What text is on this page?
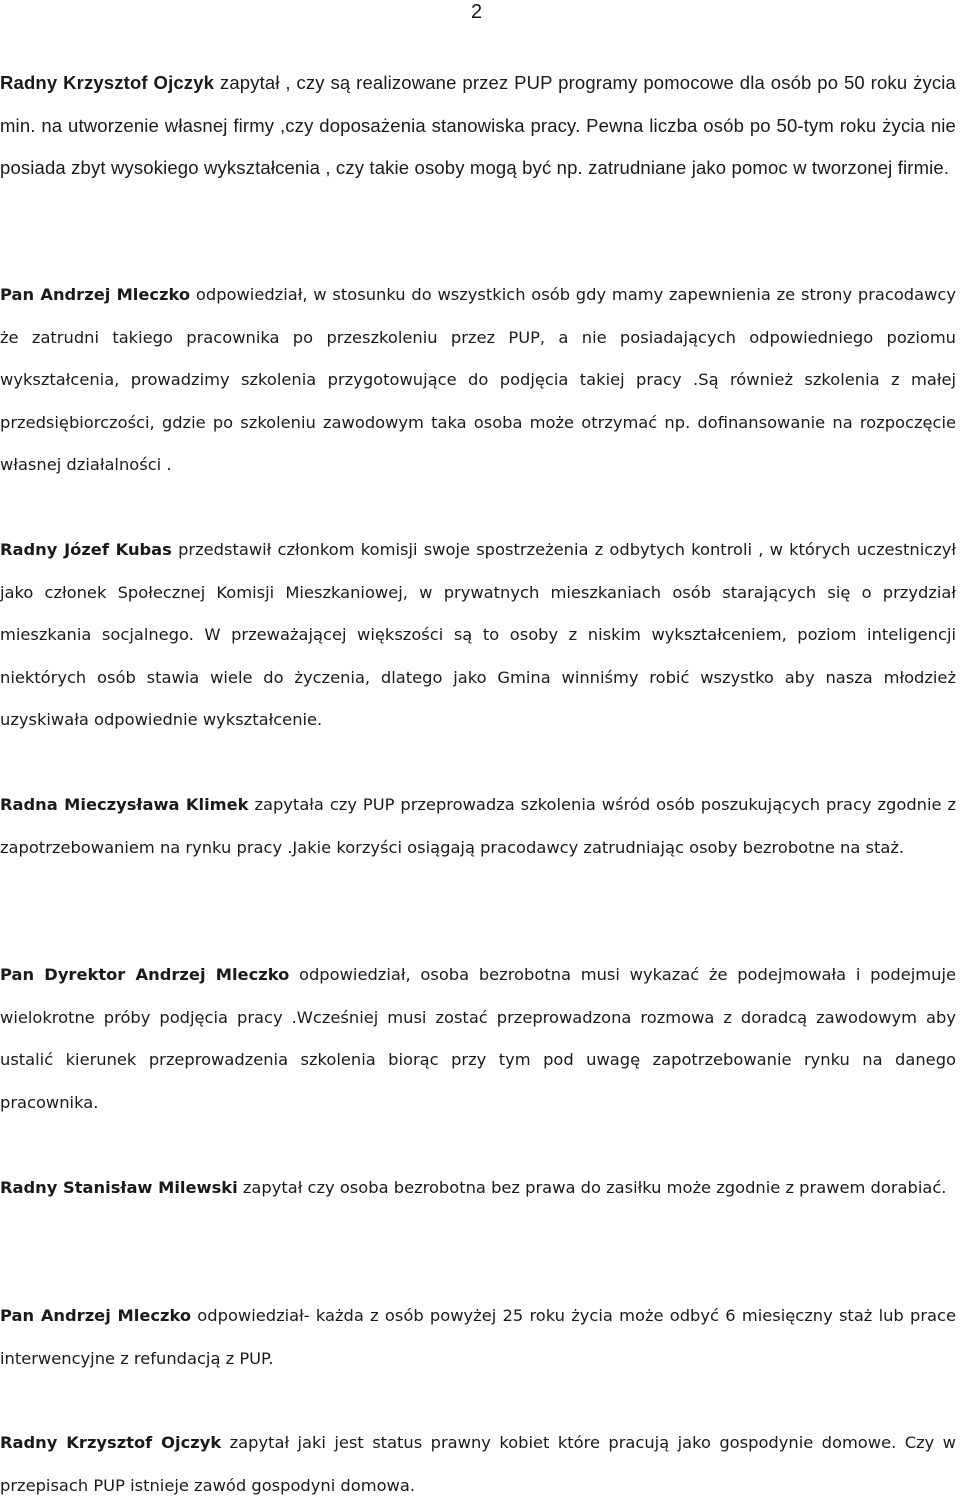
2

Radny Krzysztof Ojczyk zapytał , czy są realizowane przez PUP programy pomocowe dla osób po 50 roku życia min. na utworzenie własnej firmy ,czy doposażenia stanowiska pracy. Pewna liczba osób po 50-tym roku życia nie posiada zbyt wysokiego wykształcenia , czy takie osoby mogą być np. zatrudniane jako pomoc w tworzonej firmie.

Pan Andrzej Mleczko odpowiedział, w stosunku do wszystkich osób gdy mamy zapewnienia ze strony pracodawcy że zatrudni takiego pracownika po przeszkoleniu przez PUP, a nie posiadających odpowiedniego poziomu wykształcenia, prowadzimy szkolenia przygotowujące do podjęcia takiej pracy .Są również szkolenia z małej przedsiębiorczości, gdzie po szkoleniu zawodowym taka osoba może otrzymać np. dofinansowanie na rozpoczęcie własnej działalności .

Radny Józef Kubas przedstawił członkom komisji swoje spostrzeżenia z odbytych kontroli , w których uczestniczył jako członek Społecznej Komisji Mieszkaniowej, w prywatnych mieszkaniach osób starających się o przydział mieszkania socjalnego. W przeważającej większości są to osoby z niskim wykształceniem, poziom inteligencji niektórych osób stawia wiele do życzenia, dlatego jako Gmina winniśmy robić wszystko aby nasza młodzież uzyskiwała odpowiednie wykształcenie.

Radna Mieczysława Klimek zapytała czy PUP przeprowadza szkolenia wśród osób poszukujących pracy zgodnie z zapotrzebowaniem na rynku pracy .Jakie korzyści osiągają pracodawcy zatrudniając osoby bezrobotne na staż.

Pan Dyrektor Andrzej Mleczko odpowiedział, osoba bezrobotna musi wykazać że podejmowała i podejmuje wielokrotne próby podjęcia pracy .Wcześniej musi zostać przeprowadzona rozmowa z doradcą zawodowym aby ustalić kierunek przeprowadzenia szkolenia biorąc przy tym pod uwagę zapotrzebowanie rynku na danego pracownika.

Radny Stanisław Milewski zapytał czy osoba bezrobotna bez prawa do zasiłku może zgodnie z prawem dorabiać.

Pan Andrzej Mleczko odpowiedział- każda z osób powyżej 25 roku życia może odbyć 6 miesięczny staż lub prace interwencyjne z refundacją z PUP.

Radny Krzysztof Ojczyk zapytał jaki jest status prawny kobiet które pracują jako gospodynie domowe. Czy w przepisach PUP istnieje zawód gospodyni domowa.
